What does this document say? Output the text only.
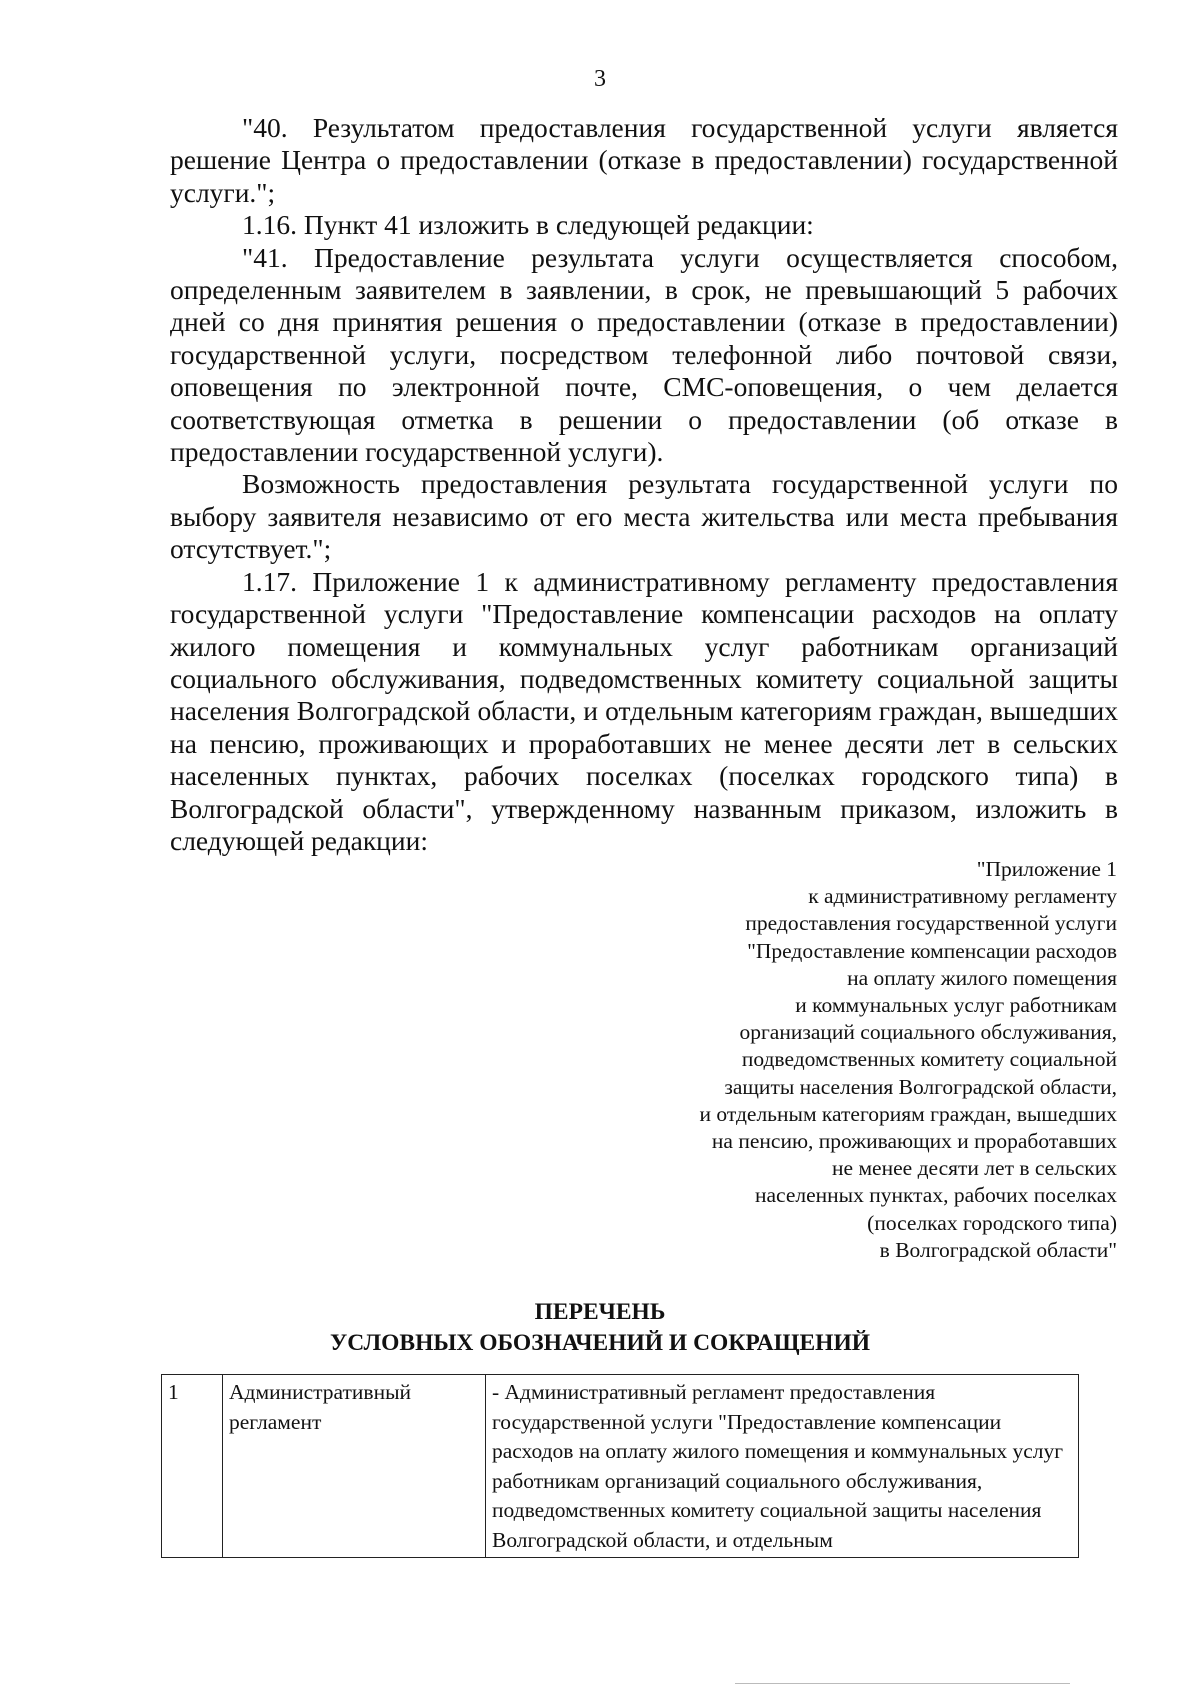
3

"40. Результатом предоставления государственной услуги является решение Центра о предоставлении (отказе в предоставлении) государственной услуги.";

1.16. Пункт 41 изложить в следующей редакции:

"41. Предоставление результата услуги осуществляется способом, определенным заявителем в заявлении, в срок, не превышающий 5 рабочих дней со дня принятия решения о предоставлении (отказе в предоставлении) государственной услуги, посредством телефонной либо почтовой связи, оповещения по электронной почте, СМС-оповещения, о чем делается соответствующая отметка в решении о предоставлении (об отказе в предоставлении государственной услуги).

Возможность предоставления результата государственной услуги по выбору заявителя независимо от его места жительства или места пребывания отсутствует.";

1.17. Приложение 1 к административному регламенту предоставления государственной услуги "Предоставление компенсации расходов на оплату жилого помещения и коммунальных услуг работникам организаций социального обслуживания, подведомственных комитету социальной защиты населения Волгоградской области, и отдельным категориям граждан, вышедших на пенсию, проживающих и проработавших не менее десяти лет в сельских населенных пунктах, рабочих поселках (поселках городского типа) в Волгоградской области", утвержденному названным приказом, изложить в следующей редакции:

"Приложение 1
к административному регламенту
предоставления государственной услуги
"Предоставление компенсации расходов
на оплату жилого помещения
и коммунальных услуг работникам
организаций социального обслуживания,
подведомственных комитету социальной
защиты населения Волгоградской области,
и отдельным категориям граждан, вышедших
на пенсию, проживающих и проработавших
не менее десяти лет в сельских
населенных пунктах, рабочих поселках
(поселках городского типа)
в Волгоградской области"
ПЕРЕЧЕНЬ
УСЛОВНЫХ ОБОЗНАЧЕНИЙ И СОКРАЩЕНИЙ
1	Административный регламент	- Административный регламент предоставления государственной услуги "Предоставление компенсации расходов на оплату жилого помещения и коммунальных услуг работникам организаций социального обслуживания, подведомственных комитету социальной защиты населения Волгоградской области, и отдельным
